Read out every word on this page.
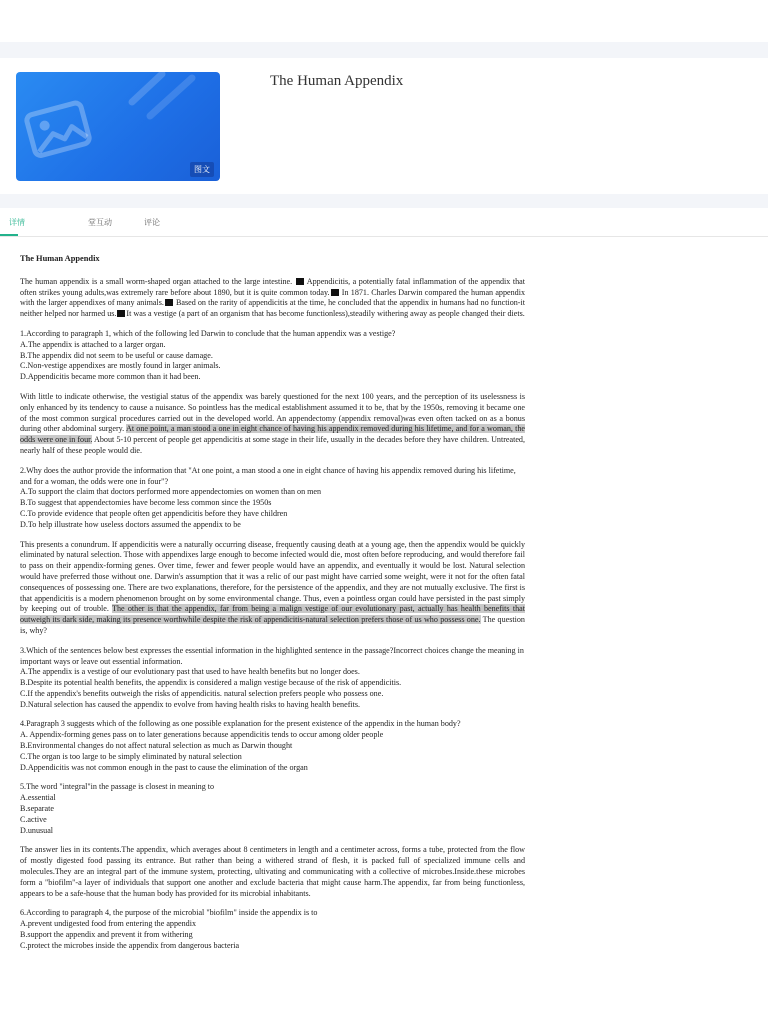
图文
The Human Appendix
详情	堂互动	评论
The Human Appendix

The human appendix is a small worm-shaped organ attached to the large intestine. Appendicitis, a potentially fatal inflammation of the appendix that often strikes young adults,was extremely rare before about 1890, but it is quite common today. In 1871. Charles Darwin compared the human appendix with the larger appendixes of many animals. Based on the rarity of appendicitis at the time, he concluded that the appendix in humans had no function-it neither helped nor harmed us. It was a vestige (a part of an organism that has become functionless),steadily withering away as people changed their diets.

1.According to paragraph 1, which of the following led Darwin to conclude that the human appendix was a vestige?
A.The appendix is attached to a larger organ.
B.The appendix did not seem to be useful or cause damage.
C.Non-vestige appendixes are mostly found in larger animals.
D.Appendicitis became more common than it had been.

With little to indicate otherwise, the vestigial status of the appendix was barely questioned for the next 100 years, and the perception of its uselessness is only enhanced by its tendency to cause a nuisance. So pointless has the medical establishment assumed it to be, that by the 1950s, removing it became one of the most common surgical procedures carried out in the developed world. An appendectomy (appendix removal)was even often tacked on as a bonus during other abdominal surgery. At one point, a man stood a one in eight chance of having his appendix removed during his lifetime, and for a woman, the odds were one in four. About 5-10 percent of people get appendicitis at some stage in their life, usually in the decades before they have children. Untreated, nearly half of these people would die.

2.Why does the author provide the information that "At one point, a man stood a one in eight chance of having his appendix removed during his lifetime, and for a woman, the odds were one in four"?
A.To support the claim that doctors performed more appendectomies on women than on men
B.To suggest that appendectomies have become less common since the 1950s
C.To provide evidence that people often get appendicitis before they have children
D.To help illustrate how useless doctors assumed the appendix to be

This presents a conundrum. If appendicitis were a naturally occurring disease, frequently causing death at a young age, then the appendix would be quickly eliminated by natural selection. Those with appendixes large enough to become infected would die, most often before reproducing, and would therefore fail to pass on their appendix-forming genes. Over time, fewer and fewer people would have an appendix, and eventually it would be lost. Natural selection would have preferred those without one. Darwin's assumption that it was a relic of our past might have carried some weight, were it not for the often fatal consequences of possessing one. There are two explanations, therefore, for the persistence of the appendix, and they are not mutually exclusive. The first is that appendicitis is a modern phenomenon brought on by some environmental change. Thus, even a pointless organ could have persisted in the past simply by keeping out of trouble. The other is that the appendix, far from being a malign vestige of our evolutionary past, actually has health benefits that outweigh its dark side, making its presence worthwhile despite the risk of appendicitis-natural selection prefers those of us who possess one. The question is, why?

3.Which of the sentences below best expresses the essential information in the highlighted sentence in the passage?Incorrect choices change the meaning in important ways or leave out essential information.
A.The appendix is a vestige of our evolutionary past that used to have health benefits but no longer does.
B.Despite its potential health benefits, the appendix is considered a malign vestige because of the risk of appendicitis.
C.If the appendix's benefits outweigh the risks of appendicitis. natural selection prefers people who possess one.
D.Natural selection has caused the appendix to evolve from having health risks to having health benefits.
4.Paragraph 3 suggests which of the following as one possible explanation for the present existence of the appendix in the human body?
A. Appendix-forming genes pass on to later generations because appendicitis tends to occur among older people
B.Environmental changes do not affect natural selection as much as Darwin thought
C.The organ is too large to be simply eliminated by natural selection
D.Appendicitis was not common enough in the past to cause the elimination of the organ
5.The word "integral"in the passage is closest in meaning to
A.essential
B.separate
C.active
D.unusual

The answer lies in its contents.The appendix, which averages about 8 centimeters in length and a centimeter across, forms a tube, protected from the flow of mostly digested food passing its entrance. But rather than being a withered strand of flesh, it is packed full of specialized immune cells and molecules.They are an integral part of the immune system, protecting, ultivating and communicating with a collective of microbes.Inside.these microbes form a "biofilm"-a layer of individuals that support one another and exclude bacteria that might cause harm.The appendix, far from being functionless, appears to be a safe-house that the human body has provided for its microbial inhabitants.

6.According to paragraph 4, the purpose of the microbial "biofilm" inside the appendix is to
A.prevent undigested food from entering the appendix
B.support the appendix and prevent it from withering
C.protect the microbes inside the appendix from dangerous bacteria
